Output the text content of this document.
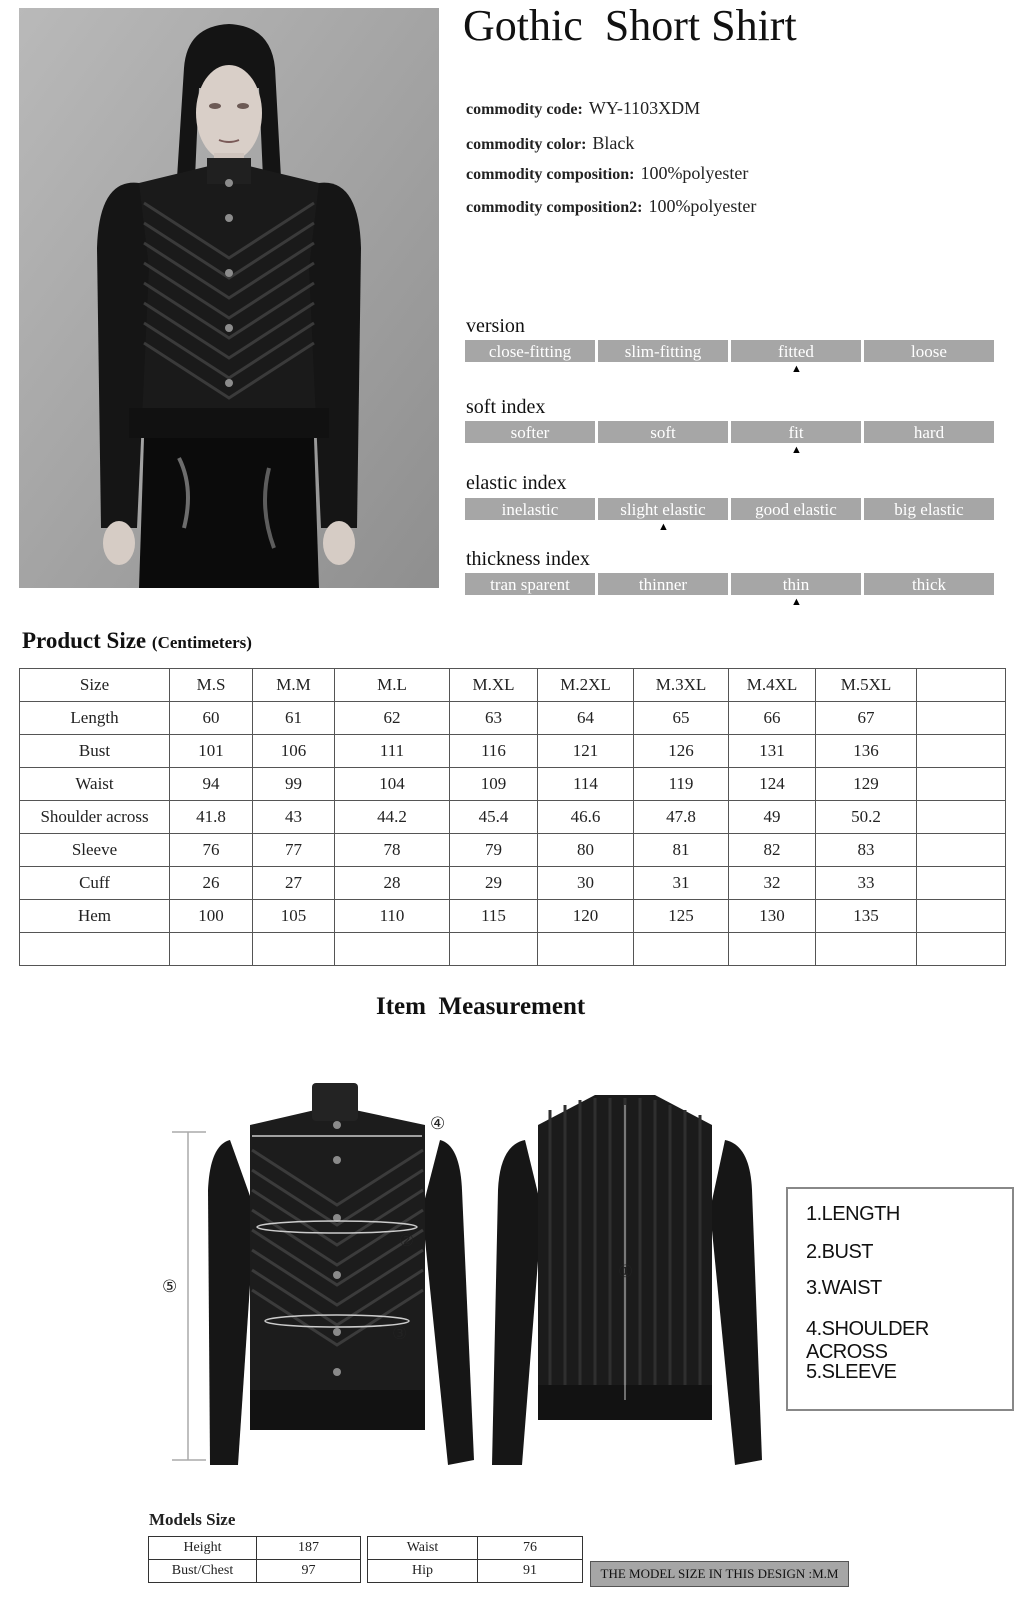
Gothic  Short Shirt
commodity code: WY-1103XDM
commodity color: Black
commodity composition: 100%polyester
commodity composition2: 100%polyester
version
close-fitting	slim-fitting	fitted	loose
▲
soft index
softer	soft	fit	hard
▲
elastic index
inelastic	slight elastic	good elastic	big elastic
▲
thickness index
tran sparent	thinner	thin	thick
▲
Product Size (Centimeters)
Size	M.S	M.M	M.L	M.XL	M.2XL	M.3XL	M.4XL	M.5XL	
Length	60	61	62	63	64	65	66	67	
Bust	101	106	111	116	121	126	131	136	
Waist	94	99	104	109	114	119	124	129	
Shoulder across	41.8	43	44.2	45.4	46.6	47.8	49	50.2	
Sleeve	76	77	78	79	80	81	82	83	
Cuff	26	27	28	29	30	31	32	33	
Hem	100	105	110	115	120	125	130	135	

Item  Measurement
⑤
④
②
③
①
1.LENGTH
2.BUST
3.WAIST
4.SHOULDER ACROSS
5.SLEEVE
Models Size
Height	187
Bust/Chest	97
Waist	76
Hip	91	THE MODEL SIZE IN THIS DESIGN :M.M
